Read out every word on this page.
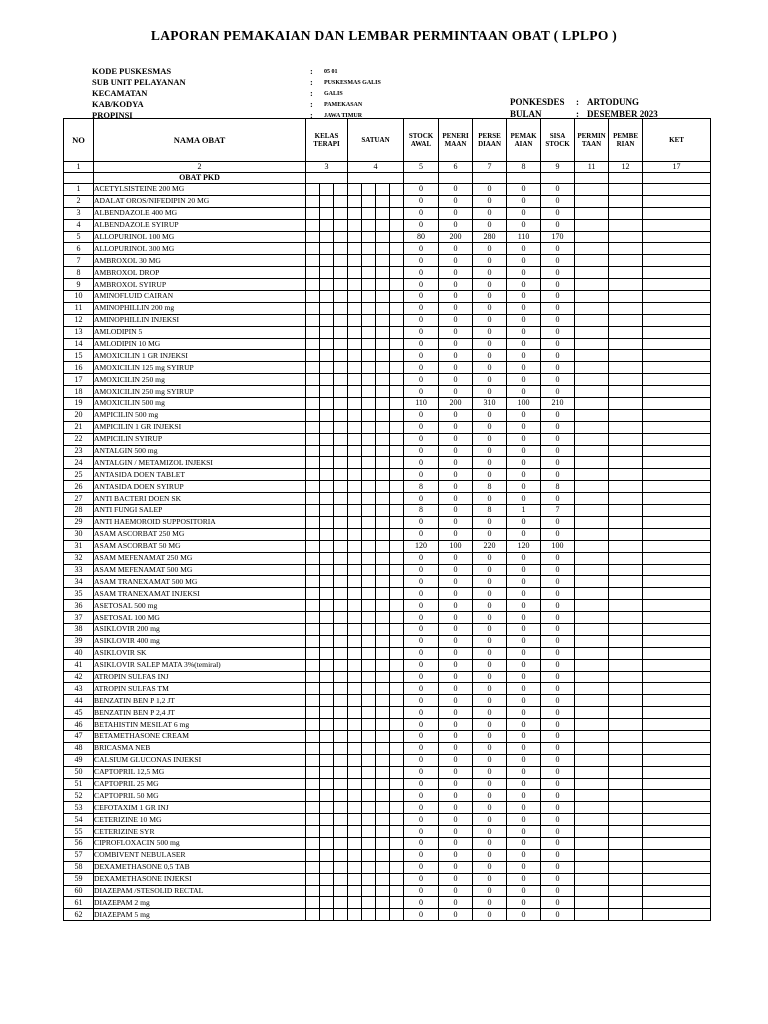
LAPORAN PEMAKAIAN DAN LEMBAR PERMINTAAN OBAT ( LPLPO )
KODE PUSKESMAS	:	05 01
SUB UNIT PELAYANAN	:	PUSKESMAS GALIS
KECAMATAN	:	GALIS
KAB/KODYA	:	PAMEKASAN
PROPINSI	:	JAWA TIMUR
PONKESDES	: ARTODUNG
BULAN	: DESEMBER 2023
NO	NAMA OBAT	KELAS TERAPI			SATUAN				STOCK AWAL	PENERI MAAN	PERSE DIAAN	PEMAK AIAN	SISA STOCK	PERMIN TAAN	PEMBE RIAN	KET
1	2	3			4				5	6	7	8	9	11	12	17
	OBAT PKD															
1	ACETYLSISTEINE 200 MG								0	0	0	0	0			
2	ADALAT OROS/NIFEDIPIN 20 MG								0	0	0	0	0			
3	ALBENDAZOLE 400 MG								0	0	0	0	0			
4	ALBENDAZOLE SYIRUP								0	0	0	0	0			
5	ALLOPURINOL 100 MG								80	200	280	110	170			
6	ALLOPURINOL 300 MG								0	0	0	0	0			
7	AMBROXOL 30 MG								0	0	0	0	0			
8	AMBROXOL DROP								0	0	0	0	0			
9	AMBROXOL SYIRUP								0	0	0	0	0			
10	AMINOFLUID CAIRAN								0	0	0	0	0			
11	AMINOPHILLIN 200 mg								0	0	0	0	0			
12	AMINOPHILLIN INJEKSI								0	0	0	0	0			
13	AMLODIPIN 5								0	0	0	0	0			
14	AMLODIPIN 10 MG								0	0	0	0	0			
15	AMOXICILIN 1 GR INJEKSI								0	0	0	0	0			
16	AMOXICILIN 125 mg SYIRUP								0	0	0	0	0			
17	AMOXICILIN 250 mg								0	0	0	0	0			
18	AMOXICILIN 250 mg SYIRUP								0	0	0	0	0			
19	AMOXICILIN 500 mg								110	200	310	100	210			
20	AMPICILIN 500 mg								0	0	0	0	0			
21	AMPICILIN 1 GR INJEKSI								0	0	0	0	0			
22	AMPICILIN SYIRUP								0	0	0	0	0			
23	ANTALGIN 500 mg								0	0	0	0	0			
24	ANTALGIN / METAMIZOL INJEKSI								0	0	0	0	0			
25	ANTASIDA DOEN TABLET								0	0	0	0	0			
26	ANTASIDA DOEN SYIRUP								8	0	8	0	8			
27	ANTI BACTERI DOEN SK								0	0	0	0	0			
28	ANTI FUNGI SALEP								8	0	8	1	7			
29	ANTI HAEMOROID SUPPOSITORIA								0	0	0	0	0			
30	ASAM ASCORBAT 250 MG								0	0	0	0	0			
31	ASAM ASCORBAT 50 MG								120	100	220	120	100			
32	ASAM MEFENAMAT 250 MG								0	0	0	0	0			
33	ASAM MEFENAMAT 500 MG								0	0	0	0	0			
34	ASAM TRANEXAMAT 500 MG								0	0	0	0	0			
35	ASAM TRANEXAMAT INJEKSI								0	0	0	0	0			
36	ASETOSAL 500 mg								0	0	0	0	0			
37	ASETOSAL 100 MG								0	0	0	0	0			
38	ASIKLOVIR 200 mg								0	0	0	0	0			
39	ASIKLOVIR 400 mg								0	0	0	0	0			
40	ASIKLOVIR SK								0	0	0	0	0			
41	ASIKLOVIR SALEP MATA 3%(temiral)								0	0	0	0	0			
42	ATROPIN SULFAS INJ								0	0	0	0	0			
43	ATROPIN SULFAS TM								0	0	0	0	0			
44	BENZATIN BEN P 1,2 JT								0	0	0	0	0			
45	BENZATIN BEN P 2,4 JT								0	0	0	0	0			
46	BETAHISTIN MESILAT 6 mg								0	0	0	0	0			
47	BETAMETHASONE CREAM								0	0	0	0	0			
48	BRICASMA NEB								0	0	0	0	0			
49	CALSIUM GLUCONAS INJEKSI								0	0	0	0	0			
50	CAPTOPRIL 12,5 MG								0	0	0	0	0			
51	CAPTOPRIL 25 MG								0	0	0	0	0			
52	CAPTOPRIL 50 MG								0	0	0	0	0			
53	CEFOTAXIM 1 GR INJ								0	0	0	0	0			
54	CETERIZINE 10 MG								0	0	0	0	0			
55	CETERIZINE SYR								0	0	0	0	0			
56	CIPROFLOXACIN 500 mg								0	0	0	0	0			
57	COMBIVENT NEBULASER								0	0	0	0	0			
58	DEXAMETHASONE 0,5 TAB								0	0	0	0	0			
59	DEXAMETHASONE INJEKSI								0	0	0	0	0			
60	DIAZEPAM /STESOLID RECTAL								0	0	0	0	0			
61	DIAZEPAM 2 mg								0	0	0	0	0			
62	DIAZEPAM 5 mg								0	0	0	0	0			
